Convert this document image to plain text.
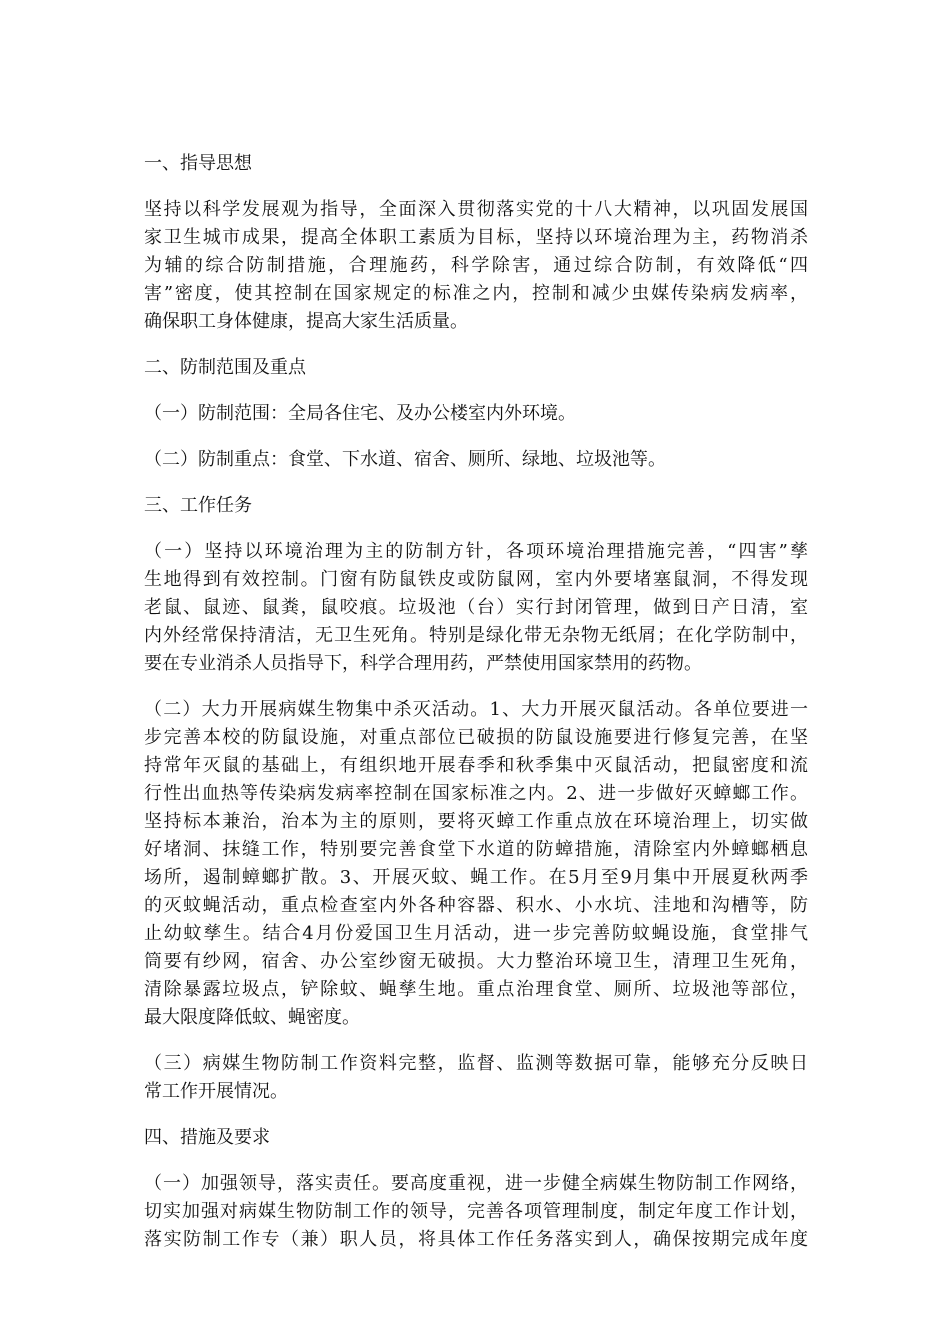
一、指导思想

坚持以科学发展观为指导，全面深入贯彻落实党的十八大精神，以巩固发展国
家卫生城市成果，提高全体职工素质为目标，坚持以环境治理为主，药物消杀
为辅的综合防制措施，合理施药，科学除害，通过综合防制，有效降低“四
害”密度，使其控制在国家规定的标准之内，控制和减少虫媒传染病发病率，
确保职工身体健康，提高大家生活质量。

二、防制范围及重点

（一）防制范围：全局各住宅、及办公楼室内外环境。
（二）防制重点：食堂、下水道、宿舍、厕所、绿地、垃圾池等。

三、工作任务

（一）坚持以环境治理为主的防制方针，各项环境治理措施完善，“四害”孳
生地得到有效控制。门窗有防鼠铁皮或防鼠网，室内外要堵塞鼠洞，不得发现
老鼠、鼠迹、鼠粪，鼠咬痕。垃圾池（台）实行封闭管理，做到日产日清，室
内外经常保持清洁，无卫生死角。特别是绿化带无杂物无纸屑；在化学防制中，
要在专业消杀人员指导下，科学合理用药，严禁使用国家禁用的药物。
（二）大力开展病媒生物集中杀灭活动。1、大力开展灭鼠活动。各单位要进一
步完善本校的防鼠设施，对重点部位已破损的防鼠设施要进行修复完善，在坚
持常年灭鼠的基础上，有组织地开展春季和秋季集中灭鼠活动，把鼠密度和流
行性出血热等传染病发病率控制在国家标准之内。2、进一步做好灭蟑螂工作。
坚持标本兼治，治本为主的原则，要将灭蟑工作重点放在环境治理上，切实做
好堵洞、抹缝工作，特别要完善食堂下水道的防蟑措施，清除室内外蟑螂栖息
场所，遏制蟑螂扩散。3、开展灭蚊、蝇工作。在5月至9月集中开展夏秋两季
的灭蚊蝇活动，重点检查室内外各种容器、积水、小水坑、洼地和沟槽等，防
止幼蚊孳生。结合4月份爱国卫生月活动，进一步完善防蚊蝇设施，食堂排气
筒要有纱网，宿舍、办公室纱窗无破损。大力整治环境卫生，清理卫生死角，
清除暴露垃圾点，铲除蚊、蝇孳生地。重点治理食堂、厕所、垃圾池等部位，
最大限度降低蚊、蝇密度。
（三）病媒生物防制工作资料完整，监督、监测等数据可靠，能够充分反映日
常工作开展情况。

四、措施及要求

（一）加强领导，落实责任。要高度重视，进一步健全病媒生物防制工作网络，
切实加强对病媒生物防制工作的领导，完善各项管理制度，制定年度工作计划，
落实防制工作专（兼）职人员，将具体工作任务落实到人，确保按期完成年度
